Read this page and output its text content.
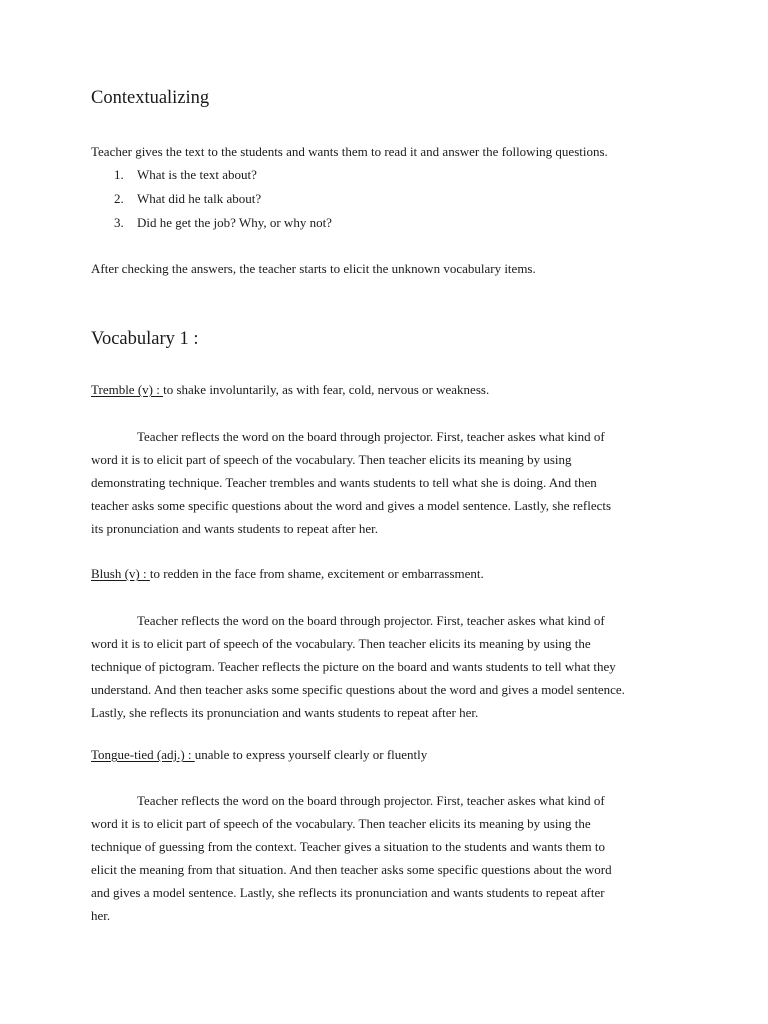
Contextualizing
Teacher gives the text to the students and wants them to read it and answer the following questions.
1. What is the text about?
2. What did he talk about?
3. Did he get the job? Why, or why not?
After checking the answers, the teacher starts to elicit the unknown vocabulary items.
Vocabulary 1 :
Tremble (v) : to shake involuntarily, as with fear, cold, nervous or weakness.
Teacher reflects the word on the board through projector. First, teacher askes what kind of
word it is to elicit part of speech of the vocabulary. Then teacher elicits its meaning by using
demonstrating technique. Teacher trembles and wants students to tell what she is doing. And then
teacher asks some specific questions about the word and gives a model sentence. Lastly, she reflects
its pronunciation and wants students to repeat after her.
Blush (v) : to redden in the face from shame, excitement or embarrassment.
Teacher reflects the word on the board through projector. First, teacher askes what kind of
word it is to elicit part of speech of the vocabulary. Then teacher elicits its meaning by using the
technique of pictogram. Teacher reflects the picture on the board and wants students to tell what they
understand. And then teacher asks some specific questions about the word and gives a model sentence.
Lastly, she reflects its pronunciation and wants students to repeat after her.
Tongue-tied (adj.) : unable to express yourself clearly or fluently
Teacher reflects the word on the board through projector. First, teacher askes what kind of
word it is to elicit part of speech of the vocabulary. Then teacher elicits its meaning by using the
technique of guessing from the context. Teacher gives a situation to the students and wants them to
elicit the meaning from that situation. And then teacher asks some specific questions about the word
and gives a model sentence. Lastly, she reflects its pronunciation and wants students to repeat after
her.
